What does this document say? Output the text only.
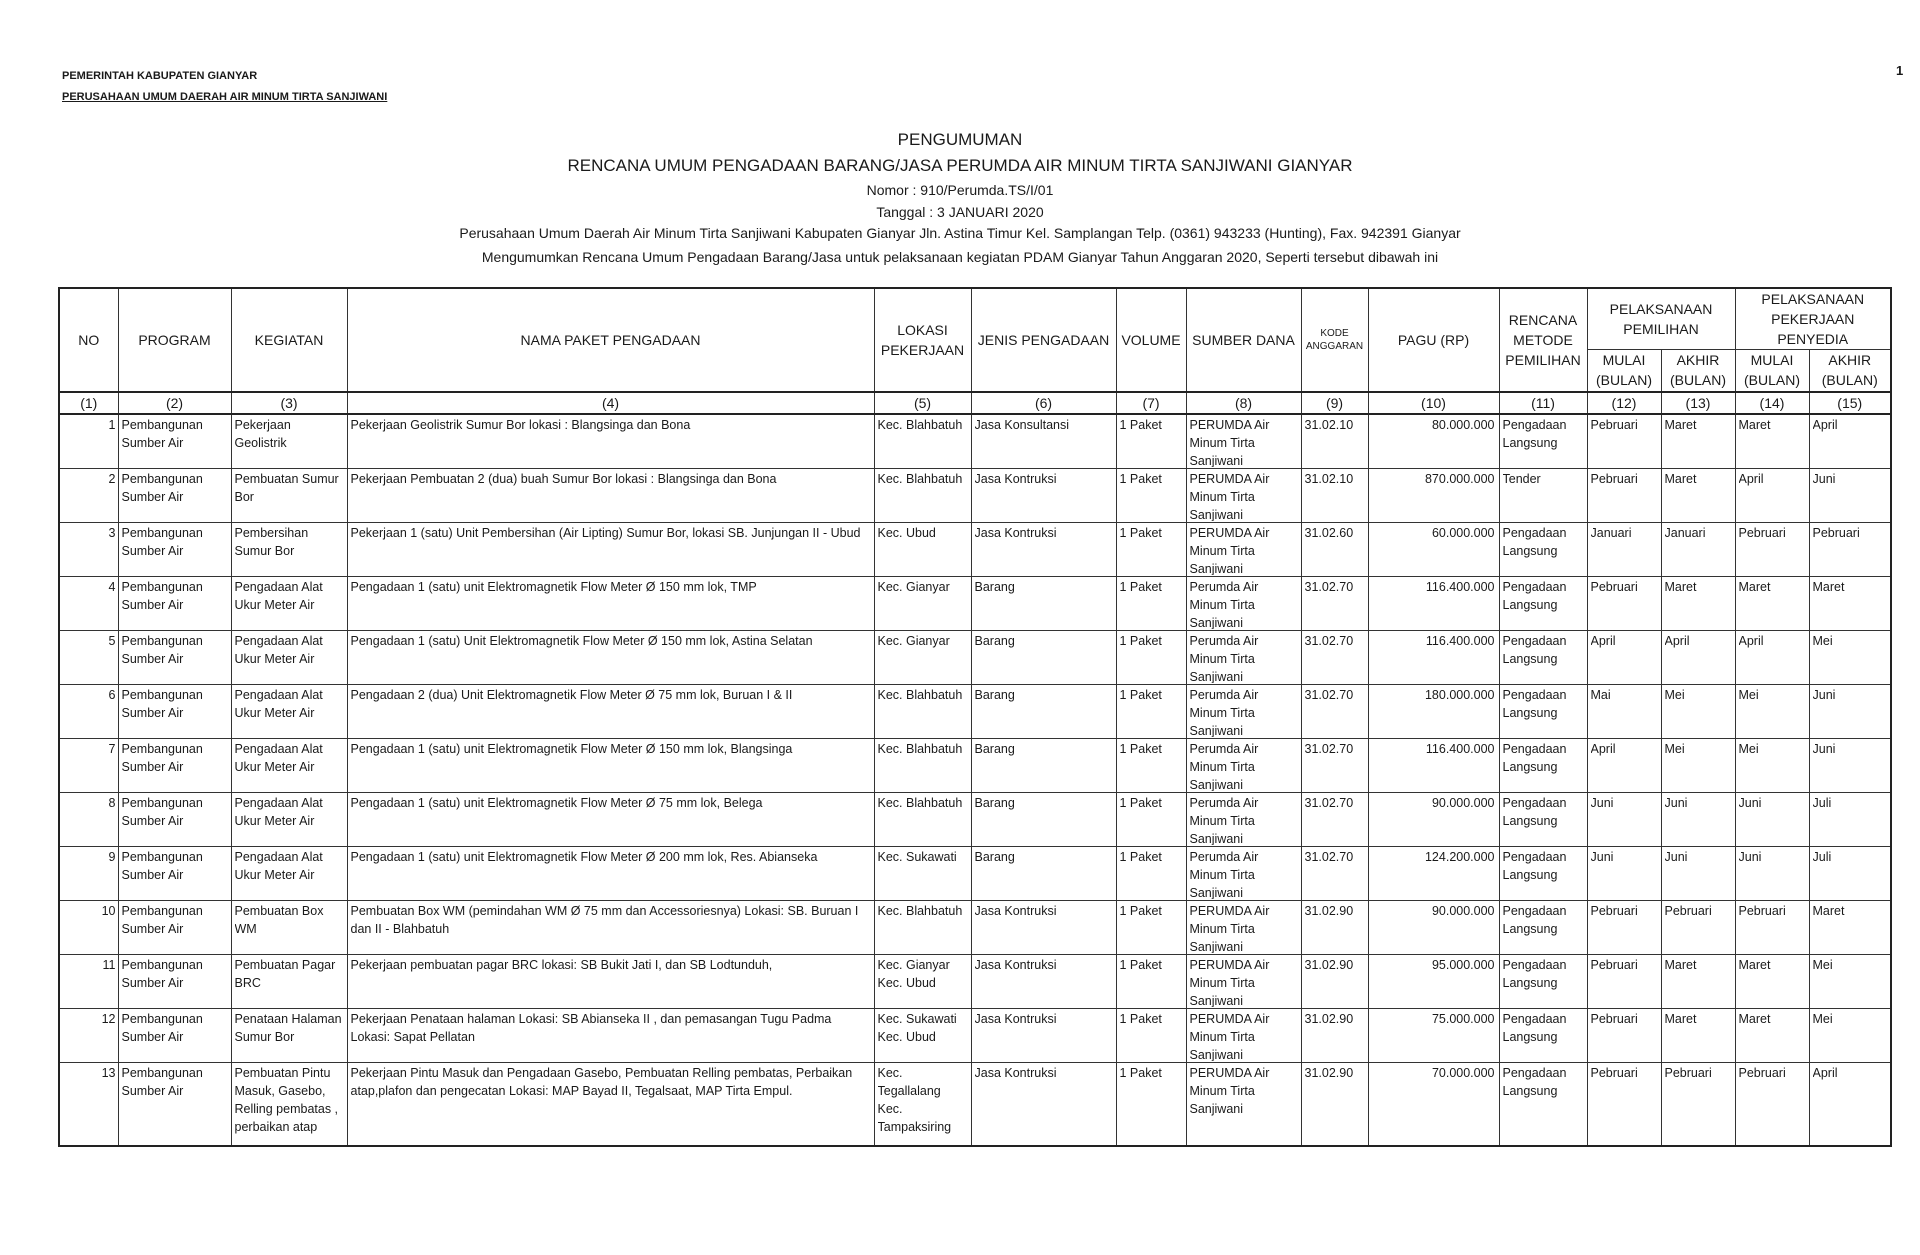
PEMERINTAH KABUPATEN GIANYAR
PERUSAHAAN UMUM DAERAH AIR MINUM TIRTA SANJIWANI
1
PENGUMUMAN
RENCANA UMUM PENGADAAN BARANG/JASA PERUMDA AIR MINUM TIRTA SANJIWANI GIANYAR
Nomor : 910/Perumda.TS/I/01
Tanggal : 3 JANUARI 2020
Perusahaan Umum Daerah Air Minum Tirta Sanjiwani Kabupaten Gianyar Jln. Astina Timur Kel. Samplangan Telp. (0361) 943233 (Hunting), Fax. 942391 Gianyar
Mengumumkan Rencana Umum Pengadaan Barang/Jasa untuk pelaksanaan kegiatan PDAM Gianyar Tahun Anggaran 2020, Seperti tersebut dibawah ini
NO	PROGRAM	KEGIATAN	NAMA PAKET PENGADAAN	LOKASI PEKERJAAN	JENIS PENGADAAN	VOLUME	SUMBER DANA	KODE ANGGARAN	PAGU (RP)	RENCANA METODE PEMILIHAN	PELAKSANAAN PEMILIHAN		PELAKSANAAN PEKERJAAN PENYEDIA	
											MULAI (BULAN)	AKHIR (BULAN)	MULAI (BULAN)	AKHIR (BULAN)
(1)	(2)	(3)	(4)	(5)	(6)	(7)	(8)	(9)	(10)	(11)	(12)	(13)	(14)	(15)

1	Pembangunan Sumber Air	Pekerjaan Geolistrik	Pekerjaan Geolistrik Sumur Bor lokasi : Blangsinga dan Bona	Kec. Blahbatuh	Jasa Konsultansi	1 Paket	PERUMDA Air Minum Tirta Sanjiwani	31.02.10	80.000.000	Pengadaan Langsung	Pebruari	Maret	Maret	April

2	Pembangunan Sumber Air	Pembuatan Sumur Bor	Pekerjaan Pembuatan 2 (dua) buah Sumur Bor lokasi : Blangsinga dan Bona	Kec. Blahbatuh	Jasa Kontruksi	1 Paket	PERUMDA Air Minum Tirta Sanjiwani	31.02.10	870.000.000	Tender	Pebruari	Maret	April	Juni

3	Pembangunan Sumber Air	Pembersihan Sumur Bor	Pekerjaan 1 (satu) Unit Pembersihan (Air Lipting) Sumur Bor, lokasi SB. Junjungan II - Ubud	Kec. Ubud	Jasa Kontruksi	1 Paket	PERUMDA Air Minum Tirta Sanjiwani	31.02.60	60.000.000	Pengadaan Langsung	Januari	Januari	Pebruari	Pebruari

4	Pembangunan Sumber Air	Pengadaan Alat Ukur Meter Air	Pengadaan 1 (satu) unit Elektromagnetik Flow Meter Ø 150 mm lok, TMP	Kec. Gianyar	Barang	1 Paket	Perumda Air Minum Tirta Sanjiwani	31.02.70	116.400.000	Pengadaan Langsung	Pebruari	Maret	Maret	Maret

5	Pembangunan Sumber Air	Pengadaan Alat Ukur Meter Air	Pengadaan 1 (satu) Unit Elektromagnetik Flow Meter Ø 150 mm lok, Astina Selatan	Kec. Gianyar	Barang	1 Paket	Perumda Air Minum Tirta Sanjiwani	31.02.70	116.400.000	Pengadaan Langsung	April	April	April	Mei

6	Pembangunan Sumber Air	Pengadaan Alat Ukur Meter Air	Pengadaan 2 (dua) Unit Elektromagnetik Flow Meter Ø 75 mm lok, Buruan I & II	Kec. Blahbatuh	Barang	1 Paket	Perumda Air Minum Tirta Sanjiwani	31.02.70	180.000.000	Pengadaan Langsung	Mai	Mei	Mei	Juni

7	Pembangunan Sumber Air	Pengadaan Alat Ukur Meter Air	Pengadaan 1 (satu) unit Elektromagnetik Flow Meter Ø 150 mm lok, Blangsinga	Kec. Blahbatuh	Barang	1 Paket	Perumda Air Minum Tirta Sanjiwani	31.02.70	116.400.000	Pengadaan Langsung	April	Mei	Mei	Juni

8	Pembangunan Sumber Air	Pengadaan Alat Ukur Meter Air	Pengadaan 1 (satu) unit Elektromagnetik Flow Meter Ø 75 mm lok, Belega	Kec. Blahbatuh	Barang	1 Paket	Perumda Air Minum Tirta Sanjiwani	31.02.70	90.000.000	Pengadaan Langsung	Juni	Juni	Juni	Juli

9	Pembangunan Sumber Air	Pengadaan Alat Ukur Meter Air	Pengadaan 1 (satu) unit Elektromagnetik Flow Meter Ø 200 mm lok, Res. Abianseka	Kec. Sukawati	Barang	1 Paket	Perumda Air Minum Tirta Sanjiwani	31.02.70	124.200.000	Pengadaan Langsung	Juni	Juni	Juni	Juli

10	Pembangunan Sumber Air	Pembuatan Box WM	Pembuatan Box WM (pemindahan WM Ø 75 mm dan Accessoriesnya) Lokasi: SB. Buruan I dan II - Blahbatuh	Kec. Blahbatuh	Jasa Kontruksi	1 Paket	PERUMDA Air Minum Tirta Sanjiwani	31.02.90	90.000.000	Pengadaan Langsung	Pebruari	Pebruari	Pebruari	Maret

11	Pembangunan Sumber Air	Pembuatan Pagar BRC	Pekerjaan pembuatan pagar BRC lokasi: SB Bukit Jati I, dan SB Lodtunduh,	Kec. Gianyar Kec. Ubud	Jasa Kontruksi	1 Paket	PERUMDA Air Minum Tirta Sanjiwani	31.02.90	95.000.000	Pengadaan Langsung	Pebruari	Maret	Maret	Mei

12	Pembangunan Sumber Air	Penataan Halaman Sumur Bor	Pekerjaan Penataan halaman Lokasi: SB Abianseka II , dan pemasangan Tugu Padma Lokasi: Sapat Pellatan	Kec. Sukawati Kec. Ubud	Jasa Kontruksi	1 Paket	PERUMDA Air Minum Tirta Sanjiwani	31.02.90	75.000.000	Pengadaan Langsung	Pebruari	Maret	Maret	Mei

13	Pembangunan Sumber Air	Pembuatan Pintu Masuk, Gasebo, Relling pembatas , perbaikan atap	Pekerjaan Pintu Masuk dan Pengadaan Gasebo, Pembuatan Relling pembatas, Perbaikan atap,plafon dan pengecatan Lokasi: MAP Bayad II, Tegalsaat, MAP Tirta Empul.	Kec. Tegallalang Kec. Tampaksiring	Jasa Kontruksi	1 Paket	PERUMDA Air Minum Tirta Sanjiwani	31.02.90	70.000.000	Pengadaan Langsung	Pebruari	Pebruari	Pebruari	April
